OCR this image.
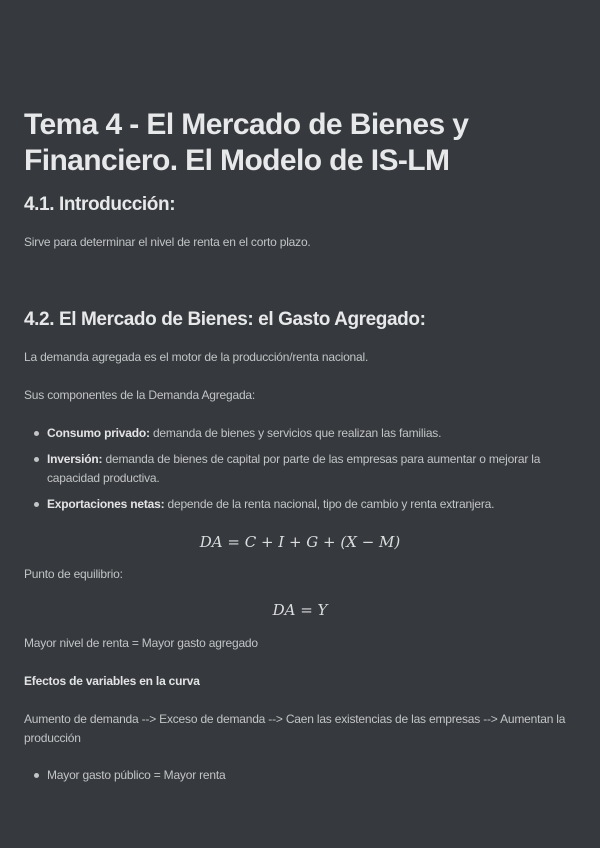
Tema 4 - El Mercado de Bienes y Financiero. El Modelo de IS-LM
4.1. Introducción:

Sirve para determinar el nivel de renta en el corto plazo.

4.2. El Mercado de Bienes: el Gasto Agregado:

La demanda agregada es el motor de la producción/renta nacional.

Sus componentes de la Demanda Agregada:

Consumo privado: demanda de bienes y servicios que realizan las familias.
Inversión: demanda de bienes de capital por parte de las empresas para aumentar o mejorar la capacidad productiva.
Exportaciones netas: depende de la renta nacional, tipo de cambio y renta extranjera.
DA = C + I + G + (X − M)

Punto de equilibrio:

DA = Y

Mayor nivel de renta = Mayor gasto agregado

Efectos de variables en la curva

Aumento de demanda --> Exceso de demanda --> Caen las existencias de las empresas --> Aumentan la producción

Mayor gasto público = Mayor renta
